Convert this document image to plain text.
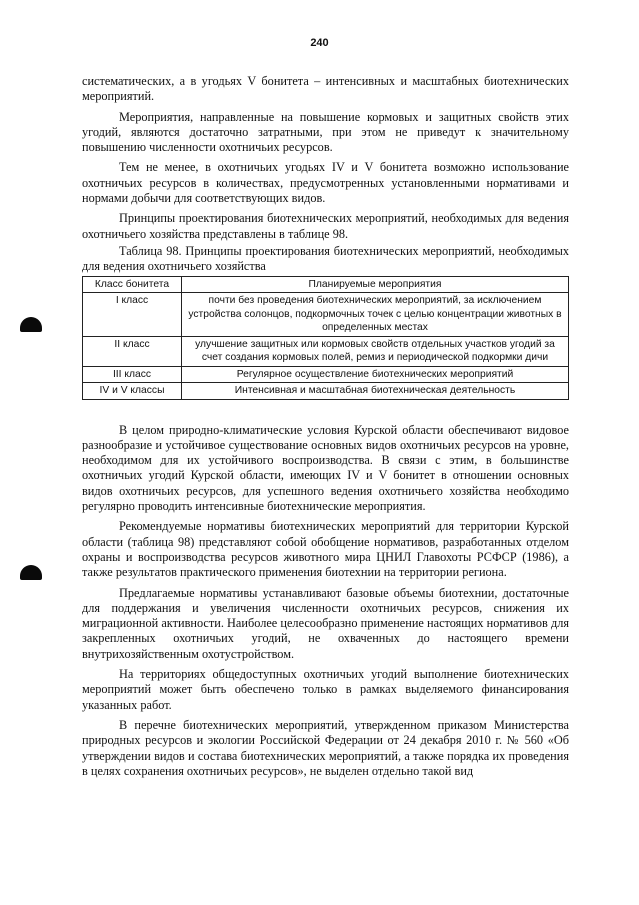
240

систематических, а в угодьях V бонитета – интенсивных и масштабных биотехнических мероприятий.

Мероприятия, направленные на повышение кормовых и защитных свойств этих угодий, являются достаточно затратными, при этом не приведут к значительному повышению численности охотничьих ресурсов.

Тем не менее, в охотничьих угодьях IV и V бонитета возможно использование охотничьих ресурсов в количествах, предусмотренных установленными нормативами и нормами добычи для соответствующих видов.

Принципы проектирования биотехнических мероприятий, необходимых для ведения охотничьего хозяйства представлены в таблице 98.

Таблица 98. Принципы проектирования биотехнических мероприятий, необходимых для ведения охотничьего хозяйства

Класс бонитета	Планируемые мероприятия
I класс	почти без проведения биотехнических мероприятий, за исключением устройства солонцов, подкормочных точек с целью концентрации животных в определенных местах
II класс	улучшение защитных или кормовых свойств отдельных участков угодий за счет создания кормовых полей, ремиз и периодической подкормки дичи
III класс	Регулярное осуществление биотехнических мероприятий
IV и V классы	Интенсивная и масштабная биотехническая деятельность

В целом природно-климатические условия Курской области обеспечивают видовое разнообразие и устойчивое существование основных видов охотничьих ресурсов на уровне, необходимом для их устойчивого воспроизводства. В связи с этим, в большинстве охотничьих угодий Курской области, имеющих IV и V бонитет в отношении основных видов охотничьих ресурсов, для успешного ведения охотничьего хозяйства необходимо регулярно проводить интенсивные биотехнические мероприятия.

Рекомендуемые нормативы биотехнических мероприятий для территории Курской области (таблица 98) представляют собой обобщение нормативов, разработанных отделом охраны и воспроизводства ресурсов животного мира ЦНИЛ Главохоты РСФСР (1986), а также результатов практического применения биотехнии на территории региона.

Предлагаемые нормативы устанавливают базовые объемы биотехнии, достаточные для поддержания и увеличения численности охотничьих ресурсов, снижения их миграционной активности. Наиболее целесообразно применение настоящих нормативов для закрепленных охотничьих угодий, не охваченных до настоящего времени внутрихозяйственным охотустройством.

На территориях общедоступных охотничьих угодий выполнение биотехнических мероприятий может быть обеспечено только в рамках выделяемого финансирования указанных работ.

В перечне биотехнических мероприятий, утвержденном приказом Министерства природных ресурсов и экологии Российской Федерации от 24 декабря 2010 г. № 560 «Об утверждении видов и состава биотехнических мероприятий, а также порядка их проведения в целях сохранения охотничьих ресурсов», не выделен отдельно такой вид
